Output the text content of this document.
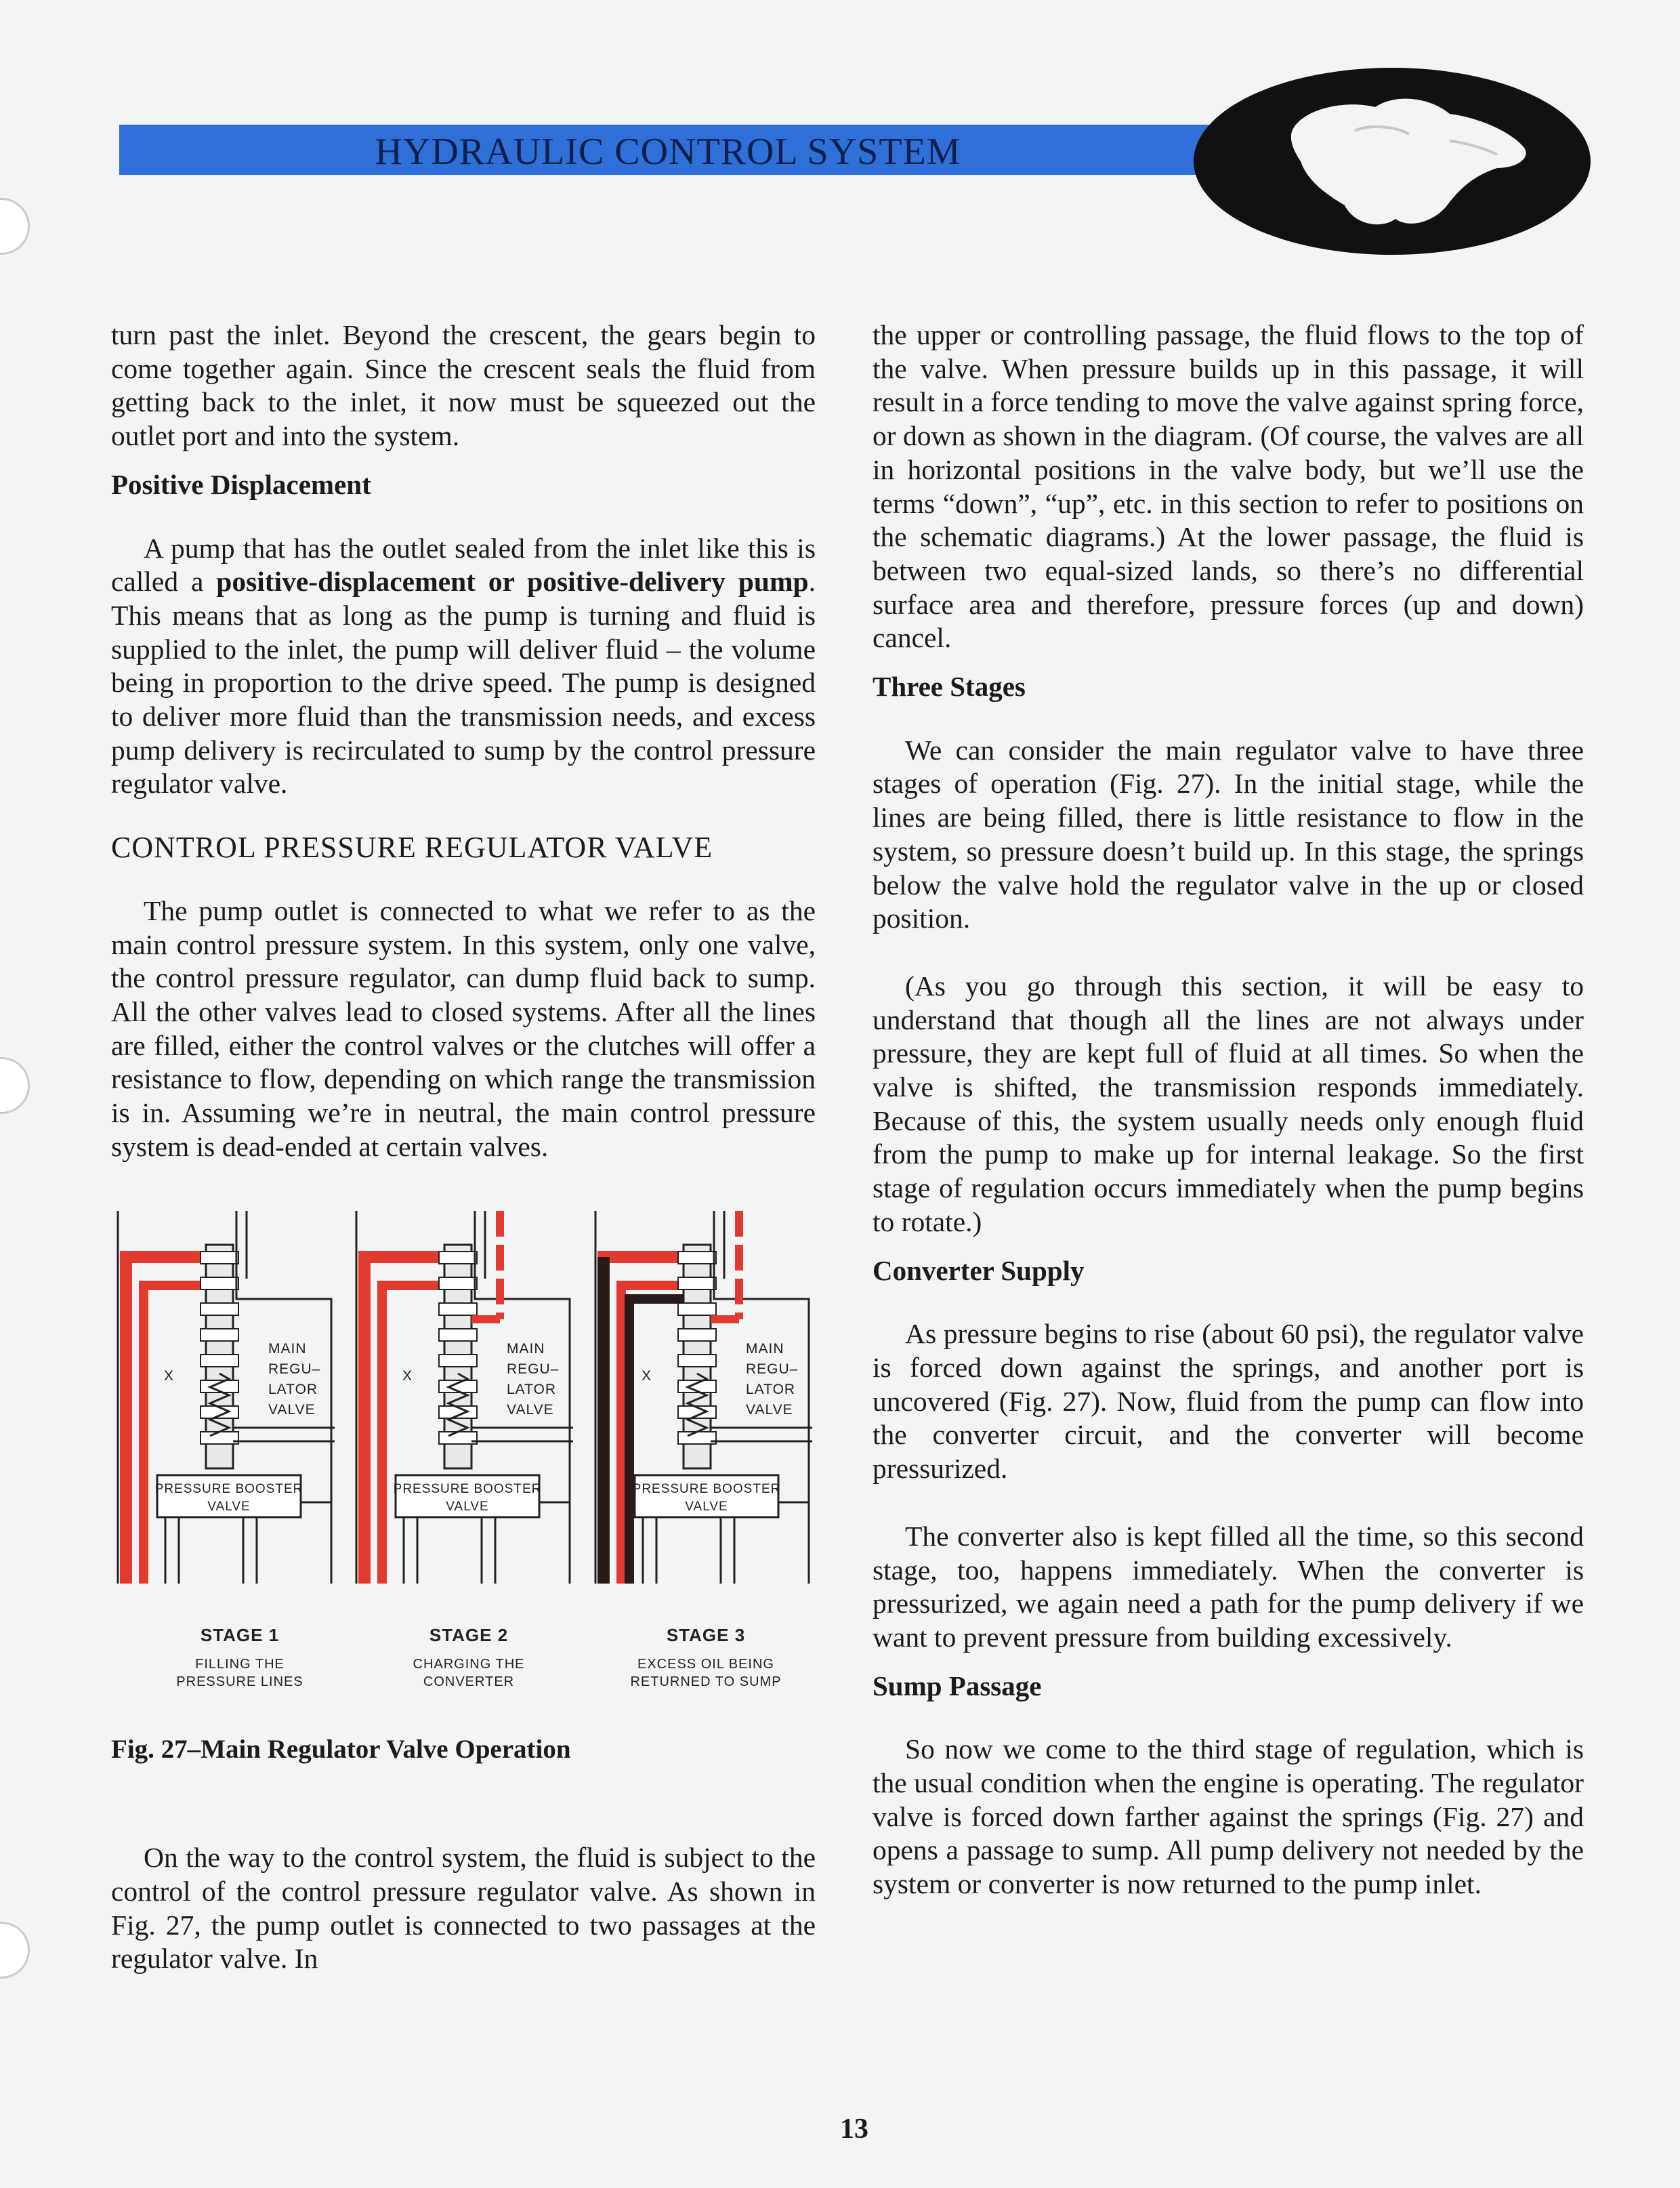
HYDRAULIC CONTROL SYSTEM

turn past the inlet. Beyond the crescent, the gears begin to come together again. Since the crescent seals the fluid from getting back to the inlet, it now must be squeezed out the outlet port and into the system.

Positive Displacement

A pump that has the outlet sealed from the inlet like this is called a positive-displacement or positive-delivery pump. This means that as long as the pump is turning and fluid is supplied to the inlet, the pump will deliver fluid – the volume being in proportion to the drive speed. The pump is designed to deliver more fluid than the transmission needs, and excess pump delivery is recirculated to sump by the control pressure regulator valve.

CONTROL PRESSURE REGULATOR VALVE

The pump outlet is connected to what we refer to as the main control pressure system. In this system, only one valve, the control pressure regulator, can dump fluid back to sump. All the other valves lead to closed systems. After all the lines are filled, either the control valves or the clutches will offer a resistance to flow, depending on which range the transmission is in. Assuming we’re in neutral, the main control pressure system is dead-ended at certain valves.

MAIN
REGU–
LATOR
VALVE
X
PRESSURE BOOSTER
VALVE
MAIN
REGU–
LATOR
VALVE
X
PRESSURE BOOSTER
VALVE
MAIN
REGU–
LATOR
VALVE
X
PRESSURE BOOSTER
VALVE
STAGE 1
FILLING THE
PRESSURE LINES
STAGE 2
CHARGING THE
CONVERTER
STAGE 3
EXCESS OIL BEING
RETURNED TO SUMP

Fig. 27–Main Regulator Valve Operation

On the way to the control system, the fluid is subject to the control of the control pressure regulator valve. As shown in Fig. 27, the pump outlet is connected to two passages at the regulator valve. In

the upper or controlling passage, the fluid flows to the top of the valve. When pressure builds up in this passage, it will result in a force tending to move the valve against spring force, or down as shown in the diagram. (Of course, the valves are all in horizontal positions in the valve body, but we’ll use the terms “down”, “up”, etc. in this section to refer to positions on the schematic diagrams.) At the lower passage, the fluid is between two equal-sized lands, so there’s no differential surface area and therefore, pressure forces (up and down) cancel.

Three Stages

We can consider the main regulator valve to have three stages of operation (Fig. 27). In the initial stage, while the lines are being filled, there is little resistance to flow in the system, so pressure doesn’t build up. In this stage, the springs below the valve hold the regulator valve in the up or closed position.

(As you go through this section, it will be easy to understand that though all the lines are not always under pressure, they are kept full of fluid at all times. So when the valve is shifted, the transmission responds immediately. Because of this, the system usually needs only enough fluid from the pump to make up for internal leakage. So the first stage of regulation occurs immediately when the pump begins to rotate.)

Converter Supply

As pressure begins to rise (about 60 psi), the regulator valve is forced down against the springs, and another port is uncovered (Fig. 27). Now, fluid from the pump can flow into the converter circuit, and the converter will become pressurized.

The converter also is kept filled all the time, so this second stage, too, happens immediately. When the converter is pressurized, we again need a path for the pump delivery if we want to prevent pressure from building excessively.

Sump Passage

So now we come to the third stage of regulation, which is the usual condition when the engine is operating. The regulator valve is forced down farther against the springs (Fig. 27) and opens a passage to sump. All pump delivery not needed by the system or converter is now returned to the pump inlet.

13
